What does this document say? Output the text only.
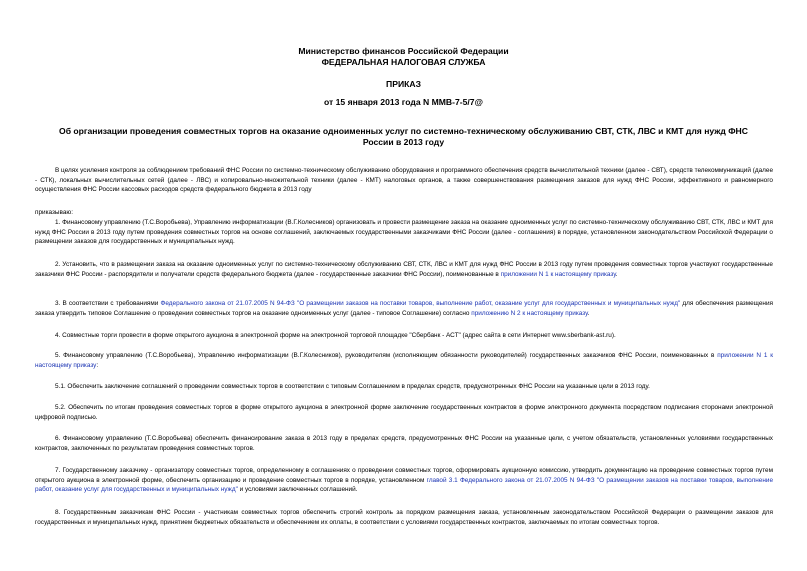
Министерство финансов Российской Федерации
ФЕДЕРАЛЬНАЯ НАЛОГОВАЯ СЛУЖБА
ПРИКАЗ
от 15 января 2013 года N ММВ-7-5/7@
Об организации проведения совместных торгов на оказание одноименных услуг по системно-техническому обслуживанию СВТ, СТК, ЛВС и КМТ для нужд ФНС
России в 2013 году
В целях усиления контроля за соблюдением требований ФНС России по системно-техническому обслуживанию оборудования и программного обеспечения средств вычислительной техники (далее - СВТ), средств телекоммуникаций (далее - СТК), локальных вычислительных сетей (далее - ЛВС) и копировально-множительной техники (далее - КМТ) налоговых органов, а также совершенствования размещения заказов для нужд ФНС России, эффективного и равномерного осуществления ФНС России кассовых расходов средств федерального бюджета в 2013 году
приказываю:
1. Финансовому управлению (Т.С.Воробьева), Управлению информатизации (В.Г.Колесников) организовать и провести размещение заказа на оказание одноименных услуг по системно-техническому обслуживанию СВТ, СТК, ЛВС и КМТ для нужд ФНС России в 2013 году путем проведения совместных торгов на основе соглашений, заключаемых государственными заказчиками ФНС России (далее - соглашения) в порядке, установленном законодательством Российской Федерации о размещении заказов для государственных и муниципальных нужд.
2. Установить, что в размещении заказа на оказание одноименных услуг по системно-техническому обслуживанию СВТ, СТК, ЛВС и КМТ для нужд ФНС России в 2013 году путем проведения совместных торгов участвуют государственные заказчики ФНС России - распорядители и получатели средств федерального бюджета (далее - государственные заказчики ФНС России), поименованные в приложении N 1 к настоящему приказу.
3. В соответствии с требованиями Федерального закона от 21.07.2005 N 94-ФЗ "О размещении заказов на поставки товаров, выполнение работ, оказание услуг для государственных и муниципальных нужд" для обеспечения размещения заказа утвердить типовое Соглашение о проведении совместных торгов на оказание одноименных услуг (далее - типовое Соглашение) согласно приложению N 2 к настоящему приказу.
4. Совместные торги провести в форме открытого аукциона в электронной форме на электронной торговой площадке "Сбербанк - АСТ" (адрес сайта в сети Интернет www.sberbank-ast.ru).
5. Финансовому управлению (Т.С.Воробьева), Управлению информатизации (В.Г.Колесников), руководителям (исполняющим обязанности руководителей) государственных заказчиков ФНС России, поименованных в приложении N 1 к настоящему приказу:
5.1. Обеспечить заключение соглашений о проведении совместных торгов в соответствии с типовым Соглашением в пределах средств, предусмотренных ФНС России на указанные цели в 2013 году.
5.2. Обеспечить по итогам проведения совместных торгов в форме открытого аукциона в электронной форме заключение государственных контрактов в форме электронного документа посредством подписания сторонами электронной цифровой подписью.
6. Финансовому управлению (Т.С.Воробьева) обеспечить финансирование заказа в 2013 году в пределах средств, предусмотренных ФНС России на указанные цели, с учетом обязательств, установленных условиями государственных контрактов, заключенных по результатам проведения совместных торгов.
7. Государственному заказчику - организатору совместных торгов, определенному в соглашениях о проведении совместных торгов, сформировать аукционную комиссию, утвердить документацию на проведение совместных торгов путем открытого аукциона в электронной форме, обеспечить организацию и проведение совместных торгов в порядке, установленном главой 3.1 Федерального закона от 21.07.2005 N 94-ФЗ "О размещении заказов на поставки товаров, выполнение работ, оказание услуг для государственных и муниципальных нужд" и условиями заключенных соглашений.
8. Государственным заказчикам ФНС России - участникам совместных торгов обеспечить строгий контроль за порядком размещения заказа, установленным законодательством Российской Федерации о размещении заказов для государственных и муниципальных нужд, принятием бюджетных обязательств и обеспечением их оплаты, в соответствии с условиями государственных контрактов, заключаемых по итогам совместных торгов.
